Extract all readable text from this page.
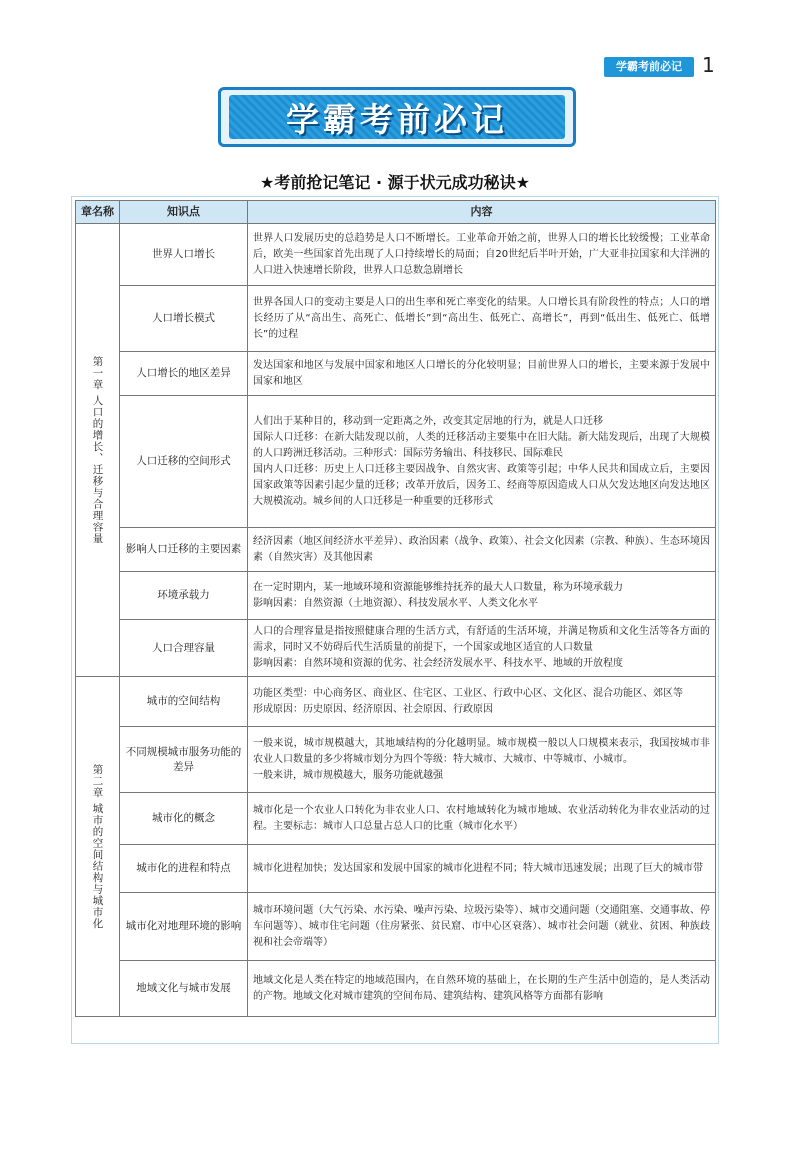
学霸考前必记	1
学霸考前必记
★考前抢记笔记 · 源于状元成功秘诀★
章名称	知识点	内容

第一章 人口的增长、迁移与合理容量	世界人口增长	世界人口发展历史的总趋势是人口不断增长。工业革命开始之前，世界人口的增长比较缓慢；工业革命后，欧美一些国家首先出现了人口持续增长的局面；自20世纪后半叶开始，广大亚非拉国家和大洋洲的人口进入快速增长阶段，世界人口总数急剧增长

	人口增长模式	世界各国人口的变动主要是人口的出生率和死亡率变化的结果。人口增长具有阶段性的特点；人口的增长经历了从“高出生、高死亡、低增长”到“高出生、低死亡、高增长”，再到“低出生、低死亡、低增长”的过程

	人口增长的地区差异	发达国家和地区与发展中国家和地区人口增长的分化较明显；目前世界人口的增长，主要来源于发展中国家和地区

	人口迁移的空间形式	人们出于某种目的，移动到一定距离之外，改变其定居地的行为，就是人口迁移
国际人口迁移：在新大陆发现以前，人类的迁移活动主要集中在旧大陆。新大陆发现后，出现了大规模的人口跨洲迁移活动。三种形式：国际劳务输出、科技移民、国际难民
国内人口迁移：历史上人口迁移主要因战争、自然灾害、政策等引起；中华人民共和国成立后，主要因国家政策等因素引起少量的迁移；改革开放后，因务工、经商等原因造成人口从欠发达地区向发达地区大规模流动。城乡间的人口迁移是一种重要的迁移形式

	影响人口迁移的主要因素	经济因素（地区间经济水平差异）、政治因素（战争、政策）、社会文化因素（宗教、种族）、生态环境因素（自然灾害）及其他因素

	环境承载力	在一定时期内，某一地域环境和资源能够维持抚养的最大人口数量，称为环境承载力
影响因素：自然资源（土地资源）、科技发展水平、人类文化水平

	人口合理容量	人口的合理容量是指按照健康合理的生活方式，有舒适的生活环境，并满足物质和文化生活等各方面的需求，同时又不妨碍后代生活质量的前提下，一个国家或地区适宜的人口数量
影响因素：自然环境和资源的优劣、社会经济发展水平、科技水平、地域的开放程度

第二章 城市的空间结构与城市化	城市的空间结构	功能区类型：中心商务区、商业区、住宅区、工业区、行政中心区、文化区、混合功能区、郊区等
形成原因：历史原因、经济原因、社会原因、行政原因

	不同规模城市服务功能的差异	一般来说，城市规模越大，其地域结构的分化越明显。城市规模一般以人口规模来表示，我国按城市非农业人口数量的多少将城市划分为四个等级：特大城市、大城市、中等城市、小城市。
一般来讲，城市规模越大，服务功能就越强

	城市化的概念	城市化是一个农业人口转化为非农业人口、农村地域转化为城市地域、农业活动转化为非农业活动的过程。主要标志：城市人口总量占总人口的比重（城市化水平）

	城市化的进程和特点	城市化进程加快；发达国家和发展中国家的城市化进程不同；特大城市迅速发展；出现了巨大的城市带

	城市化对地理环境的影响	城市环境问题（大气污染、水污染、噪声污染、垃圾污染等）、城市交通问题（交通阻塞、交通事故、停车问题等）、城市住宅问题（住房紧张、贫民窟、市中心区衰落）、城市社会问题（就业、贫困、种族歧视和社会帝端等）

	地域文化与城市发展	地域文化是人类在特定的地域范围内，在自然环境的基础上，在长期的生产生活中创造的，是人类活动的产物。地域文化对城市建筑的空间布局、建筑结构、建筑风格等方面都有影响
